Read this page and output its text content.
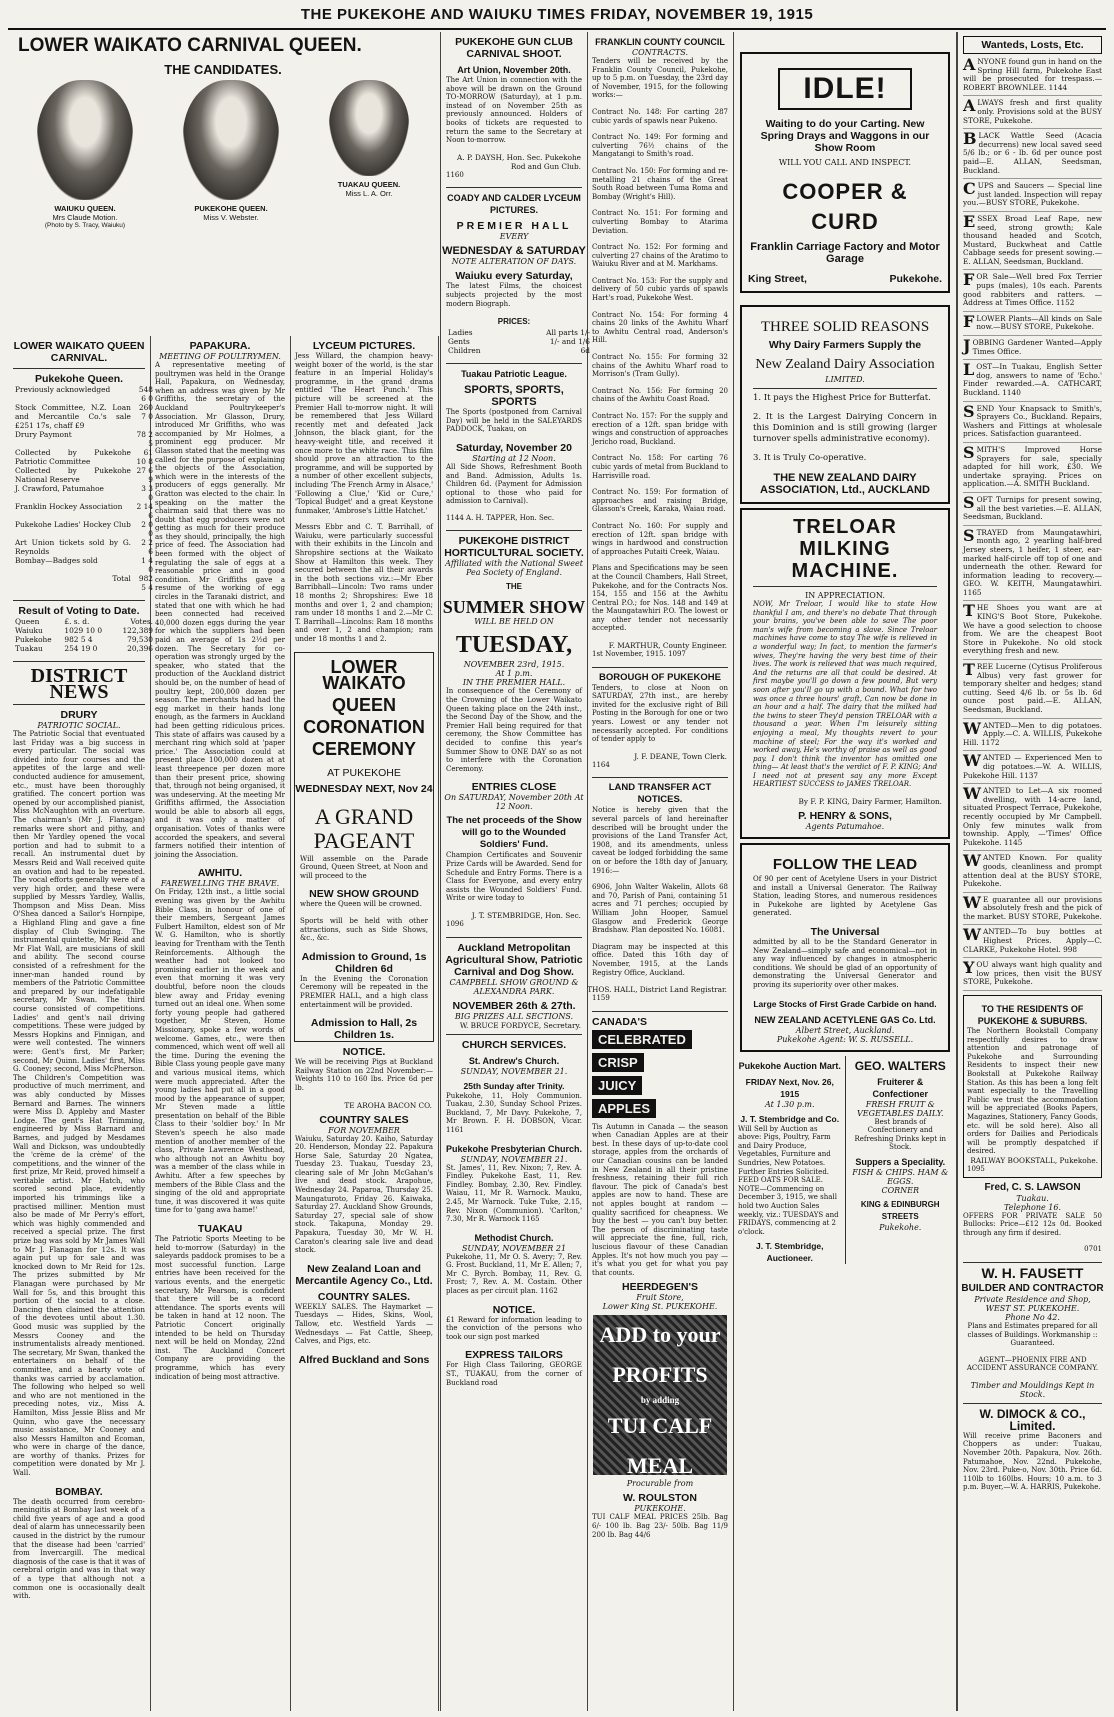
THE PUKEKOHE AND WAIUKU TIMES FRIDAY, NOVEMBER 19, 1915
LOWER WAIKATO CARNIVAL QUEEN.
THE CANDIDATES.
WAIUKU QUEEN.
Mrs Claude Motion.
(Photo by S. Tracy, Waiuku)
PUKEKOHE QUEEN.
Miss V. Webster.
TUAKAU QUEEN.
Miss L. A. Orr.
LOWER WAIKATO QUEEN CARNIVAL.
Pukekohe Queen.
Previously acknowledged	548 6 0
Stock Committee, N.Z. Loan and Mercantile Co.'s sale £251 17s, chaff £9	260 7 0
Drury Paymont	78 2 5
Collected by Pukekohe Patriotic Committee	61 10 8
Collected by Pukekohe National Reserve	27 6 9
J. Crawford, Patumahoe	3 3 0
Franklin Hockey Association	2 14 6
Pukekohe Ladies' Hockey Club	2 0 0
Art Union tickets sold by G. Reynolds	2 2 6
Bombay—Badges sold	1 4 0
Total	982 5 4
Result of Voting to Date.
Queen	£. s. d.	Votes.
Waiuku	1029 10 0	122,389
Pukekohe	982 5 4	79,530
Tuakau	254 19 0	20,396
DISTRICT NEWS
DRURY
PATRIOTIC SOCIAL.
The Patriotic Social that eventuated last Friday was a big success in every particular. The social was divided into four courses and the appetites of the large and well-conducted audience for amusement, etc., must have been thoroughly gratified. The concert portion was opened by our accomplished pianist, Miss McNaughton with an overture. The chairman's (Mr J. Flanagan) remarks were short and pithy, and then Mr Yardley opened the vocal portion and had to submit to a recall. An instrumental duet by Messrs Reid and Wall received quite an ovation and had to be repeated. The vocal efforts generally were of a very high order, and these were supplied by Messrs Yardley, Wallis, Thompson and Miss Dean. Miss O'Shea danced a Sailor's Hornpipe, a Highland Fling and gave a fine display of Club Swinging. The instrumental quintette, Mr Reid and Mr Flat Wall, are musicians of skill and ability. The second course consisted of a refreshment for the inner-man handed round by members of the Patriotic Committee and prepared by our indefatigable secretary, Mr Swan. The third course consisted of competitions. Ladies' and gent's nail driving competitions. These were judged by Messrs Hopkins and Finnigan, and were well contested. The winners were: Gent's first, Mr Parker; second, Mr Quinn. Ladies' first, Miss G. Cooney; second, Miss McPherson. The Children's Competition was productive of much merriment, and was ably conducted by Misses Bernard and Barnes. The winners were Miss D. Appleby and Master Lodge. The gent's Hat Trimming, engineered by Miss Barnard and Barnes, and judged by Mesdames Wall and Dickson, was undoubtedly the 'crème de la crème' of the competitions, and the winner of the first prize, Mr Reid, proved himself a veritable artist. Mr Hatch, who scored second place, evidently imported his trimmings like a practised milliner. Mention must also be made of Mr Perry's effort, which was highly commended and received a special prize. The first prize bag was sold by Mr James Wall to Mr J. Flanagan for 12s. It was again put up for sale and was knocked down to Mr Reid for 12s. The prizes submitted by Mr Flanagan were purchased by Mr Wall for 5s, and this brought this portion of the social to a close. Dancing then claimed the attention of the devotees until about 1.30. Good music was supplied by the Messrs Cooney and the instrumentalists already mentioned. The secretary, Mr Swan, thanked the entertainers on behalf of the committee, and a hearty vote of thanks was carried by acclamation. The following who helped so well and who are not mentioned in the preceding notes, viz., Miss A. Hamilton, Miss Jessie Bliss and Mr Quinn, who gave the necessary music assistance, Mr Cooney and also Messrs Hamilton and Ecoman, who were in charge of the dance, are worthy of thanks. Prizes for competition were donated by Mr J. Wall.
BOMBAY.
The death occurred from cerebro-meningitis at Bombay last week of a child five years of age and a good deal of alarm has unnecessarily been caused in the district by the rumour that the disease had been 'carried' from Invercargill. The medical diagnosis of the case is that it was of cerebral origin and was in that way of a type that although not a common one is occasionally dealt with.
PAPAKURA.
MEETING OF POULTRYMEN.
A representative meeting of poultrymen was held in the Orange Hall, Papakura, on Wednesday, when an address was given by Mr Griffiths, the secretary of the Auckland Poultrykeeper's Association. Mr Glasson, Drury, introduced Mr Griffiths, who was accompanied by Mr Holmes, a prominent egg producer. Mr Glasson stated that the meeting was called for the purpose of explaining the objects of the Association, which were in the interests of the producers of eggs generally. Mr Gratton was elected to the chair. In speaking on the matter the chairman said that there was no doubt that egg producers were not getting as much for their produce as they should, principally, the high price of feed. The Association had been formed with the object of regulating the sale of eggs at a reasonable price and in good condition. Mr Griffiths gave a resume of the working of egg circles in the Taranaki district, and stated that one with which he had been connected had received 40,000 dozen eggs during the year for which the suppliers had been paid an average of 1s 2½d per dozen. The Secretary for co-operation was strongly urged by the speaker, who stated that the production of the Auckland district should be, on the number of head of poultry kept, 200,000 dozen per season. The merchants had had the egg market in their hands long enough, as the farmers in Auckland had been getting ridiculous prices. This state of affairs was caused by a merchant ring which sold at 'paper price.' The Association could at present place 100,000 dozen at at least threepence per dozen more than their present price, showing that, through not being organised, it was undeserving. At the meeting Mr Griffiths affirmed, the Association would be able to absorb all eggs, and it was only a matter of organisation. Votes of thanks were accorded the speakers, and several farmers notified their intention of joining the Association.
AWHITU.
FAREWELLING THE BRAVE.
On Friday, 12th inst., a little social evening was given by the Awhitu Bible Class, in honour of one of their members, Sergeant James Fulbert Hamilton, eldest son of Mr W. G. Hamilton, who is shortly leaving for Trentham with the Tenth Reinforcements. Although the weather had not looked too promising earlier in the week and even that morning it was very doubtful, before noon the clouds blew away and Friday evening turned out an ideal one. When some forty young people had gathered together, Mr Steven, Home Missionary, spoke a few words of welcome. Games, etc., were then commenced, which went off well all the time. During the evening the Bible Class young people gave many and various musical items, which were much appreciated. After the young ladies had put all in a good mood by the appearance of supper, Mr Steven made a little presentation on behalf of the Bible Class to their 'soldier boy.' In Mr Steven's speech he also made mention of another member of the class, Private Lawrence Westhead, who although not an Awhitu boy was a member of the class while in Awhitu. After a few speeches by members of the Bible Class and the singing of the old and appropriate tune, it was discovered it was quite time for to 'gang awa hame!'
TUAKAU
The Patriotic Sports Meeting to be held to-morrow (Saturday) in the saleyards paddock promises to be a most successful function. Large entries have been received for the various events, and the energetic secretary, Mr Pearson, is confident that there will be a record attendance. The sports events will be taken in hand at 12 noon. The Patriotic Concert originally intended to be held on Thursday next will be held on Monday, 22nd inst. The Auckland Concert Company are providing the programme, which has every indication of being most attractive.
LYCEUM PICTURES.
Jess Willard, the champion heavy-weight boxer of the world, is the star feature in an Imperial Holiday's programme, in the grand drama entitled 'The Heart Punch.' This picture will be screened at the Premier Hall to-morrow night. It will be remembered that Jess Willard recently met and defeated Jack Johnson, the black giant, for the heavy-weight title, and received it once more to the white race. This film should prove an attraction to the programme, and will be supported by a number of other excellent subjects, including 'The French Army in Alsace,' 'Following a Clue,' 'Kid or Cure,' 'Topical Budget' and a great Keystone funmaker, 'Ambrose's Little Hatchet.'
Messrs Ebbr and C. T. Barrihall, of Waiuku, were particularly successful with their exhibits in the Lincoln and Shropshire sections at the Waikato Show at Hamilton this week. They secured between the all their awards in the both sections viz.:—Mr Eber Barribhall—Lincoln: Two rams under 18 months 2; Shropshires: Ewe 18 months and over 1, 2 and champion; ram under 18 months 1 and 2.—Mr C. T. Barrihall—Lincolns: Ram 18 months and over 1, 2 and champion; ram under 18 months 1 and 2.
LOWER WAIKATO
QUEEN
CORONATION
CEREMONY
AT PUKEKOHE
WEDNESDAY NEXT, Nov 24
A GRAND PAGEANT
Will assemble on the Parade Ground, Queen Street, at Noon and will proceed to the
NEW SHOW GROUND
where the Queen will be crowned.
Sports will be held with other attractions, such as Side Shows, &c., &c.
Admission to Ground, 1s Children 6d
In the Evening the Coronation Ceremony will be repeated in the PREMIER HALL, and a high class entertainment will be provided.
Admission to Hall, 2s Children 1s.
NOTICE.
We will be receiving Pigs at Buckland Railway Station on 22nd November:— Weights 110 to 160 lbs. Price 6d per lb.
TE AROHA BACON CO.
COUNTRY SALES
FOR NOVEMBER
Waiuku, Saturday 20. Kaiho, Saturday 20. Henderson, Monday 22. Papakura Horse Sale, Saturday 20 Ngatea, Tuesday 23. Tuakau, Tuesday 23, clearing sale of Mr John McGahan's live and dead stock. Arapohue, Wednesday 24. Paparoa, Thursday 25. Maungaturoto, Friday 26. Kaiwaka, Saturday 27. Auckland Show Grounds, Saturday 27, special sale of show stock. Takapuna, Monday 29. Papakura, Tuesday 30, Mr W. H. Caraton's clearing sale live and dead stock.
New Zealand Loan and Mercantile Agency Co., Ltd.
COUNTRY SALES.
WEEKLY SALES. The Haymarket — Tuesdays — Hides, Skins, Wool, Tallow, etc. Westfield Yards — Wednesdays — Fat Cattle, Sheep, Calves, and Pigs, etc.
Alfred Buckland and Sons
PUKEKOHE GUN CLUB CARNIVAL SHOOT.
Art Union, November 20th.
The Art Union in connection with the above will be drawn on the Ground TO-MORROW (Saturday), at 1 p.m. instead of on November 25th as previously announced. Holders of books of tickets are requested to return the same to the Secretary at Noon to-morrow.
A. P. DAYSH, Hon. Sec. Pukekohe Rod and Gun Club.
1160
COADY AND CALDER LYCEUM PICTURES.
PREMIER HALL
EVERY
WEDNESDAY & SATURDAY
NOTE ALTERATION OF DAYS.
Waiuku every Saturday,
The latest Films, the choicest subjects projected by the most modern Biograph.
PRICES:
Ladies	All parts 1/-
Gents	1/- and 1/6
Children	6d
Tuakau Patriotic League.
SPORTS, SPORTS, SPORTS
The Sports (postponed from Carnival Day) will be held in the SALEYARDS PADDOCK, Tuakau, on
Saturday, November 20
Starting at 12 Noon.
All Side Shows, Refreshment Booth and Band. Admission, Adults 1s. Children 6d. (Payment for Admission optional to those who paid for admission to Carnival).
1144 A. H. TAPPER, Hon. Sec.
PUKEKOHE DISTRICT HORTICULTURAL SOCIETY.
Affiliated with the National Sweet Pea Society of England.
THE
SUMMER SHOW
WILL BE HELD ON
TUESDAY,
NOVEMBER 23rd, 1915.
At 1 p.m.
IN THE PREMIER HALL.
In consequence of the Ceremony of the Crowning of the Lower Waikato Queen taking place on the 24th inst., the Second Day of the Show, and the Premier Hall being required for that ceremony, the Show Committee has decided to confine this year's Summer Show to ONE DAY so as not to interfere with the Coronation Ceremony.
ENTRIES CLOSE
On SATURDAY, November 20th At 12 Noon.
The net proceeds of the Show will go to the Wounded Soldiers' Fund.
Champion Certificates and Souvenir Prize Cards will be Awarded. Send for Schedule and Entry Forms. There is a Class for Everyone, and every entry assists the Wounded Soldiers' Fund. Write or wire today to
J. T. STEMBRIDGE, Hon. Sec.
1096
Auckland Metropolitan Agricultural Show, Patriotic Carnival and Dog Show.
CAMPBELL SHOW GROUND & ALEXANDRA PARK.
NOVEMBER 26th & 27th.
BIG PRIZES ALL SECTIONS.
W. BRUCE FORDYCE, Secretary.
CHURCH SERVICES.
St. Andrew's Church.
SUNDAY, NOVEMBER 21.
25th Sunday after Trinity.
Pukekohe, 11, Holy Communion. Tuakau, 2.30, Sunday School Prizes. Buckland, 7, Mr Davy. Pukekohe, 7, Mr Brown. F. H. DOBSON, Vicar. 1161
Pukekohe Presbyterian Church.
SUNDAY, NOVEMBER 21.
St. James', 11, Rev. Nixon; 7, Rev. A. Findley. Pukekohe East, 11, Rev. Findley. Bombay, 2.30, Rev. Findley. Waiau, 11, Mr R. Warnock. Mauku, 2.45, Mr Warnock. Tuke Tuke, 2.15, Rev. Nixon (Communion). 'Carlton,' 7.30, Mr R. Warnock 1165
Methodist Church.
SUNDAY, NOVEMBER 21
Pukekohe, 11, Mr O. S. Avery; 7, Rev. G. Frost. Buckland, 11, Mr E. Allen; 7, Mr C. Byrch. Bombay, 11, Rev. G. Frost; 7, Rev. A. M. Costain. Other places as per circuit plan. 1162
NOTICE.
£1 Reward for information leading to the conviction of the persons who took our sign post marked
EXPRESS TAILORS
For High Class Tailoring, GEORGE ST., TUAKAU, from the corner of Buckland road
FRANKLIN COUNTY COUNCIL
CONTRACTS.
Tenders will be received by the Franklin County Council, Pukekohe, up to 5 p.m. on Tuesday, the 23rd day of November, 1915, for the following works:—
Contract No. 148: For carting 287 cubic yards of spawls near Pukeno.
Contract No. 149: For forming and culverting 76½ chains of the Mangatangi to Smith's road.
Contract No. 150: For forming and re-metalling 21 chains of the Great South Road between Tuma Roma and Bombay (Wright's Hill).
Contract No. 151: For forming and culverting Bombay to Atarima Deviation.
Contract No. 152: For forming and culverting 27 chains of the Aratimo to Waiuku River and at M. Markhams.
Contract No. 153: For the supply and delivery of 50 cubic yards of spawls Hart's road, Pukekohe West.
Contract No. 154: For forming 4 chains 20 links of the Awhitu Wharf to Awhitu Central road, Anderson's Hill.
Contract No. 155: For forming 32 chains of the Awhitu Wharf road to Morrison's (Tram Gully).
Contract No. 156: For forming 20 chains of the Awhitu Coast Road.
Contract No. 157: For the supply and erection of a 12ft. span bridge with wings and construction of approaches Jericho road, Buckland.
Contract No. 158: For carting 76 cubic yards of metal from Buckland to Harrisville road.
Contract No. 159: For formation of approaches and raising Bridge, Glasson's Creek, Karaka, Waiau road.
Contract No. 160: For supply and erection of 12ft. span bridge with wings in hardwood and construction of approaches Putaiti Creek, Waiau.
Plans and Specifications may be seen at the Council Chambers, Hall Street, Pukekohe, and for the Contracts Nos. 154, 155 and 156 at the Awhitu Central P.O.; for Nos. 148 and 149 at the Maungatawhiri P.O. The lowest or any other tender not necessarily accepted.
F. MARTHUR, County Engineer.
1st November, 1915. 1097
BOROUGH OF PUKEKOHE
Tenders, to close at Noon on SATURDAY, 27th inst., are hereby invited for the exclusive right of Bill Posting in the Borough for one or two years. Lowest or any tender not necessarily accepted. For conditions of tender apply to
J. F. DEANE, Town Clerk.
1164
LAND TRANSFER ACT NOTICES.
Notice is hereby given that the several parcels of land hereinafter described will be brought under the provisions of the Land Transfer Act, 1908, and its amendments, unless caveat be lodged forbidding the same on or before the 18th day of January, 1916:—
6906, John Walter Wakelin, Allots 68 and 70, Parish of Pani, containing 51 acres and 71 perches; occupied by William John Hooper, Samuel Glasgow and Frederick George Bradshaw. Plan deposited No. 16081.
Diagram may be inspected at this office. Dated this 16th day of November, 1915, at the Lands Registry Office, Auckland.
THOS. HALL, District Land Registrar.
1159
CANADA'S
CELEBRATED
CRISP
JUICY
APPLES
Tis Autumn in Canada — the season when Canadian Apples are at their best. In these days of up-to-date cool storage, apples from the orchards of our Canadian cousins can be landed in New Zealand in all their pristine freshness, retaining their full rich flavour. The pick of Canada's best apples are now to hand. These are not apples bought at random — quality sacrificed for cheapness. We buy the best — you can't buy better. The person of discriminating taste will appreciate the fine, full, rich, luscious flavour of these Canadian Apples. It's not how much you pay — it's what you get for what you pay that counts.
HEERDEGEN'S
Fruit Store,
Lower King St. PUKEKOHE.
ADD to your PROFITS
by adding
TUI CALF MEAL
Procurable from
W. ROULSTON
PUKEKOHE.
TUI CALF MEAL PRICES 25lb. Bag 6/- 100 lb. Bag 23/- 50lb. Bag 11/9 200 lb. Bag 44/6
IDLE!
Waiting to do your Carting. New Spring Drays and Waggons in our Show Room
WILL YOU CALL AND INSPECT.
COOPER & CURD
Franklin Carriage Factory and Motor Garage
King Street,	Pukekohe.
THREE SOLID REASONS
Why Dairy Farmers Supply the
New Zealand Dairy Association
LIMITED.
1. It pays the Highest Price for Butterfat.
2. It is the Largest Dairying Concern in this Dominion and is still growing (larger turnover spells administrative economy).
3. It is Truly Co-operative.
THE NEW ZEALAND DAIRY ASSOCIATION, Ltd., AUCKLAND
TRELOAR MILKING MACHINE.
IN APPRECIATION.
NOW, Mr Treloar, I would like to state How thankful I am, and there's no debate That through your brains, you've been able to save The poor man's wife from becoming a slave. Since Treloar machines have come to stay The wife is relieved in a wonderful way; In fact, to mention the farmer's wives, They're having the very best time of their lives. The work is relieved that was much required, And the returns are all that could be desired. At first maybe you'll go down a few pound, But very soon after you'll go up with a bound. What for two was once a three hours' graft, Can now be done in an hour and a half. The dairy that the milked had the twins to steer They'd pension TRELOAR with a thousand a year. When I'm leisurely sitting enjoying a meal, My thoughts revert to your machine of steel; For the way it's worked and worked away, He's worthy of praise as well as good pay. I don't think the inventor has omitted one thing— At least that's the verdict of F. P. KING; And I need not at present say any more Except HEARTIEST SUCCESS to JAMES TRELOAR.
By F. P. KING, Dairy Farmer, Hamilton.
P. HENRY & SONS,
Agents Patumahoe.
FOLLOW THE LEAD
Of 90 per cent of Acetylene Users in your District and install a Universal Generator. The Railway Station, leading Stores, and numerous residences in Pukekohe are lighted by Acetylene Gas generated.
The Universal
admitted by all to be the Standard Generator in New Zealand—simply safe and economical—not in any way influenced by changes in atmospheric conditions. We should be glad of an opportunity of demonstrating the Universal Generator and proving its superiority over other makes.
Large Stocks of First Grade Carbide on hand.
NEW ZEALAND ACETYLENE GAS Co. Ltd.
Albert Street, Auckland.
Pukekohe Agent: W. S. RUSSELL.
Pukekohe Auction Mart.
FRIDAY Next, Nov. 26, 1915
At 1.30 p.m.
J. T. Stembridge and Co.
Will Sell by Auction as above: Pigs, Poultry, Farm and Dairy Produce, Vegetables, Furniture and Sundries, New Potatoes. Further Entries Solicited. FEED OATS FOR SALE. NOTE—Commencing on December 3, 1915, we shall hold two Auction Sales weekly, viz.: TUESDAYS and FRIDAYS, commencing at 2 o'clock.
J. T. Stembridge, Auctioneer.
GEO. WALTERS
Fruiterer & Confectioner
FRESH FRUIT & VEGETABLES DAILY.
Best brands of Confectionery and Refreshing Drinks kept in Stock.
Suppers a Speciality.
FISH & CHIPS. HAM & EGGS.
CORNER
KING & EDINBURGH STREETS
Pukekohe.
Wanteds, Losts, Etc.
ANYONE found gun in hand on the Spring Hill farm, Pukekohe East will be prosecuted for trespass.—ROBERT BROWNLEE. 1144
ALWAYS fresh and first quality only. Provisions sold at the BUSY STORE, Pukekohe.
BLACK Wattle Seed (Acacia decurrens) new local saved seed 5/6 lb.; or 6 - lb. 6d per ounce post paid—E. ALLAN, Seedsman, Buckland.
CUPS and Saucers — Special line just landed. Inspection will repay you.—BUSY STORE, Pukekohe.
ESSEX Broad Leaf Rape, new seed, strong growth; Kale thousand headed and Scotch, Mustard, Buckwheat and Cattle Cabbage seeds for present sowing.—E. ALLAN, Seedsman, Buckland.
FOR Sale—Well bred Fox Terrier pups (males), 10s each. Parents good rabbiters and ratters. —Address at Times Office. 1152
FLOWER Plants—All kinds on Sale now.—BUSY STORE, Pukekohe.
JOBBING Gardener Wanted—Apply Times Office.
LOST—In Tuakau, English Setter dog, answers to name of 'Echo.' Finder rewarded.—A. CATHCART, Buckland. 1140
SEND Your Knapsack to Smith's, Sprayers Co., Buckland. Repairs, Washers and Fittings at wholesale prices. Satisfaction guaranteed.
SMITH'S Improved Horse Sprayers for sale, specially adapted for hill work, £30. We undertake spraying. Prices on application.—A. SMITH Buckland.
SOFT Turnips for present sowing, all the best varieties.—E. ALLAN, Seedsman, Buckland.
STRAYED from Maungatawhiri, month ago, 2 yearling half-bred Jersey steers, 1 heifer, 1 steer, ear-marked half-circle off top of one and underneath the other. Reward for information leading to recovery.—GEO. W. KEITH, Maungatawhiri. 1165
THE Shoes you want are at KING'S Boot Store, Pukekohe. We have a good selection to choose from. We are the cheapest Boot Store in Pukekohe. No old stock everything fresh and new.
TREE Lucerne (Cytisus Proliferous Albus) very fast grower for temporary shelter and hedges; stand cutting. Seed 4/6 lb. or 5s lb. 6d ounce post paid.—E. ALLAN, Seedsman, Buckland.
WANTED—Men to dig potatoes. Apply.—C. A. WILLIS, Pukekohe Hill. 1172
WANTED — Experienced Men to dig potatoes.—W. A. WILLIS, Pukekohe Hill. 1137
WANTED to Let—A six roomed dwelling, with 14-acre land, situated Prospect Terrace, Pukekohe, recently occupied by Mr Campbell. Only few minutes walk from township. Apply, —'Times' Office Pukekohe. 1145
WANTED Known. For quality goods, cleanliness and prompt attention deal at the BUSY STORE, Pukekohe.
W E guarantee all our provisions absolutely fresh and the pick of the market. BUSY STORE, Pukekohe.
WANTED—To buy bottles at Highest Prices. Apply—C. CLARKE, Pukekohe Hotel. 998
YOU always want high quality and low prices, then visit the BUSY STORE, Pukekohe.
TO THE RESIDENTS OF PUKEKOHE & SUBURBS.
The Northern Bookstall Company respectfully desires to draw attention and patronage of Pukekohe and Surrounding Residents to inspect their new Bookstall at Pukekohe Railway Station. As this has been a long felt want especially to the Travelling Public we trust the accommodation will be appreciated (Books Papers, Magazines, Stationery, Fancy Goods, etc. will be sold here). Also all orders for Dailies and Periodicals will be promptly despatched if desired.
RAILWAY BOOKSTALL, Pukekohe.
1095
Fred, C. S. LAWSON
Tuakau.
Telephone 16.
OFFERS FOR PRIVATE SALE 50 Bullocks: Price—£12 12s 0d. Booked through any firm if desired.
0701
W. H. FAUSETT
BUILDER AND CONTRACTOR
Private Residence and Shop,
WEST ST. PUKEKOHE.
Phone No 42.
Plans and Estimates prepared for all classes of Buildings. Workmanship :: Guaranteed.
AGENT—PHOENIX FIRE AND ACCIDENT ASSURANCE COMPANY.
Timber and Mouldings Kept in Stock.
W. DIMOCK & CO., Limited.
Will receive prime Baconers and Choppers as under: Tuakau, November 20th. Papakura, Nov. 26th. Patumahoe, Nov. 22nd. Pukekohe, Nov. 23rd. Puke-o, Nov. 30th. Price 6d. 110lb to 160lbs. Hours; 10 a.m. to 3 p.m. Buyer,—W. A. HARRIS, Pukekohe.
